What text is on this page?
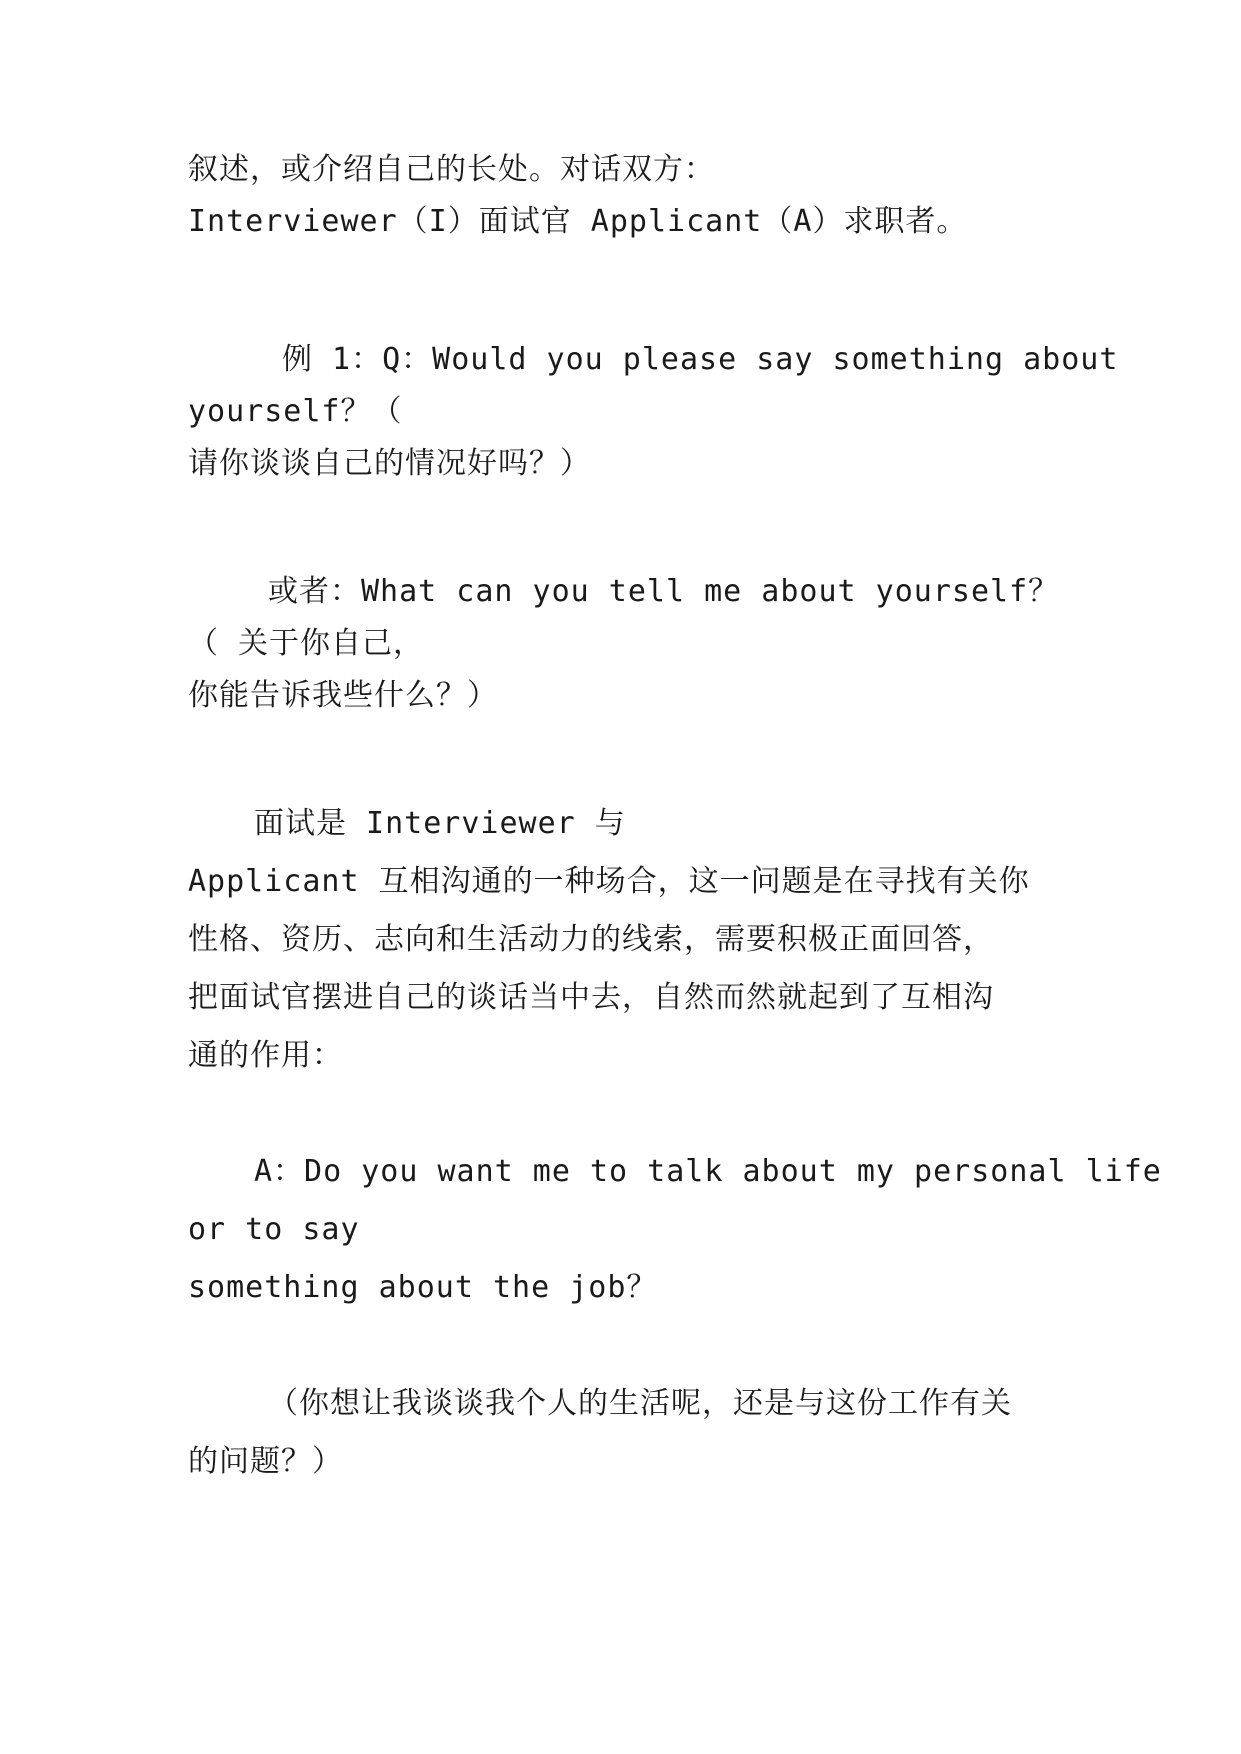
叙述，或介绍自己的长处。对话双方：
Interviewer（I）面试官 Applicant（A）求职者。
例 1：Q：Would you please say something about
yourself？（
请你谈谈自己的情况好吗？）
或者：What can you tell me about yourself？
（ 关于你自己，
你能告诉我些什么？）
面试是 Interviewer 与
Applicant 互相沟通的一种场合，这一问题是在寻找有关你
性格、资历、志向和生活动力的线索，需要积极正面回答，
把面试官摆进自己的谈话当中去，自然而然就起到了互相沟
通的作用：
A：Do you want me to talk about my personal life
or to say
something about the job？
（你想让我谈谈我个人的生活呢，还是与这份工作有关
的问题？）
